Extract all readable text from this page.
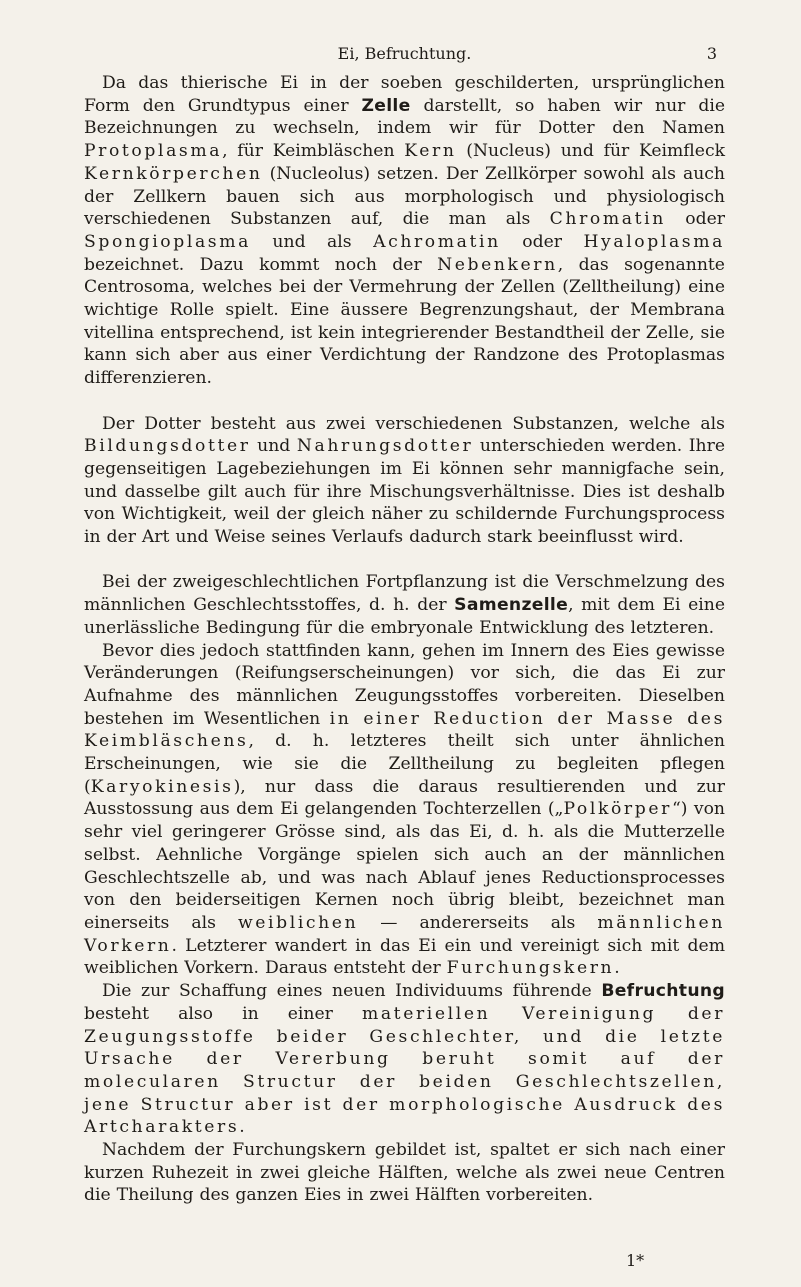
Ei, Befruchtung.	3

Da das thierische Ei in der soeben geschilderten, ursprünglichen Form den Grundtypus einer Zelle darstellt, so haben wir nur die Bezeichnungen zu wechseln, indem wir für Dotter den Namen Protoplasma, für Keimbläschen Kern (Nucleus) und für Keimfleck Kernkörperchen (Nucleolus) setzen. Der Zellkörper sowohl als auch der Zellkern bauen sich aus morphologisch und physiologisch verschiedenen Substanzen auf, die man als Chromatin oder Spongioplasma und als Achromatin oder Hyaloplasma bezeichnet. Dazu kommt noch der Nebenkern, das sogenannte Centrosoma, welches bei der Vermehrung der Zellen (Zelltheilung) eine wichtige Rolle spielt. Eine äussere Begrenzungshaut, der Membrana vitellina entsprechend, ist kein integrierender Bestandtheil der Zelle, sie kann sich aber aus einer Verdichtung der Randzone des Protoplasmas differenzieren.

Der Dotter besteht aus zwei verschiedenen Substanzen, welche als Bildungsdotter und Nahrungsdotter unterschieden werden. Ihre gegenseitigen Lagebeziehungen im Ei können sehr mannigfache sein, und dasselbe gilt auch für ihre Mischungsverhältnisse. Dies ist deshalb von Wichtigkeit, weil der gleich näher zu schildernde Furchungsprocess in der Art und Weise seines Verlaufs dadurch stark beeinflusst wird.

Bei der zweigeschlechtlichen Fortpflanzung ist die Verschmelzung des männlichen Geschlechtsstoffes, d. h. der Samenzelle, mit dem Ei eine unerlässliche Bedingung für die embryonale Entwicklung des letzteren.

Bevor dies jedoch stattfinden kann, gehen im Innern des Eies gewisse Veränderungen (Reifungserscheinungen) vor sich, die das Ei zur Aufnahme des männlichen Zeugungsstoffes vorbereiten. Dieselben bestehen im Wesentlichen in einer Reduction der Masse des Keimbläschens, d. h. letzteres theilt sich unter ähnlichen Erscheinungen, wie sie die Zelltheilung zu begleiten pflegen (Karyokinesis), nur dass die daraus resultierenden und zur Ausstossung aus dem Ei gelangenden Tochterzellen („Polkörper“) von sehr viel geringerer Grösse sind, als das Ei, d. h. als die Mutterzelle selbst. Aehnliche Vorgänge spielen sich auch an der männlichen Geschlechtszelle ab, und was nach Ablauf jenes Reductionsprocesses von den beiderseitigen Kernen noch übrig bleibt, bezeichnet man einerseits als weiblichen — andererseits als männlichen Vorkern. Letzterer wandert in das Ei ein und vereinigt sich mit dem weiblichen Vorkern. Daraus entsteht der Furchungskern.

Die zur Schaffung eines neuen Individuums führende Befruchtung besteht also in einer materiellen Vereinigung der Zeugungsstoffe beider Geschlechter, und die letzte Ursache der Vererbung beruht somit auf der molecularen Structur der beiden Geschlechtszellen, jene Structur aber ist der morphologische Ausdruck des Artcharakters.

Nachdem der Furchungskern gebildet ist, spaltet er sich nach einer kurzen Ruhezeit in zwei gleiche Hälften, welche als zwei neue Centren die Theilung des ganzen Eies in zwei Hälften vorbereiten.

1*
